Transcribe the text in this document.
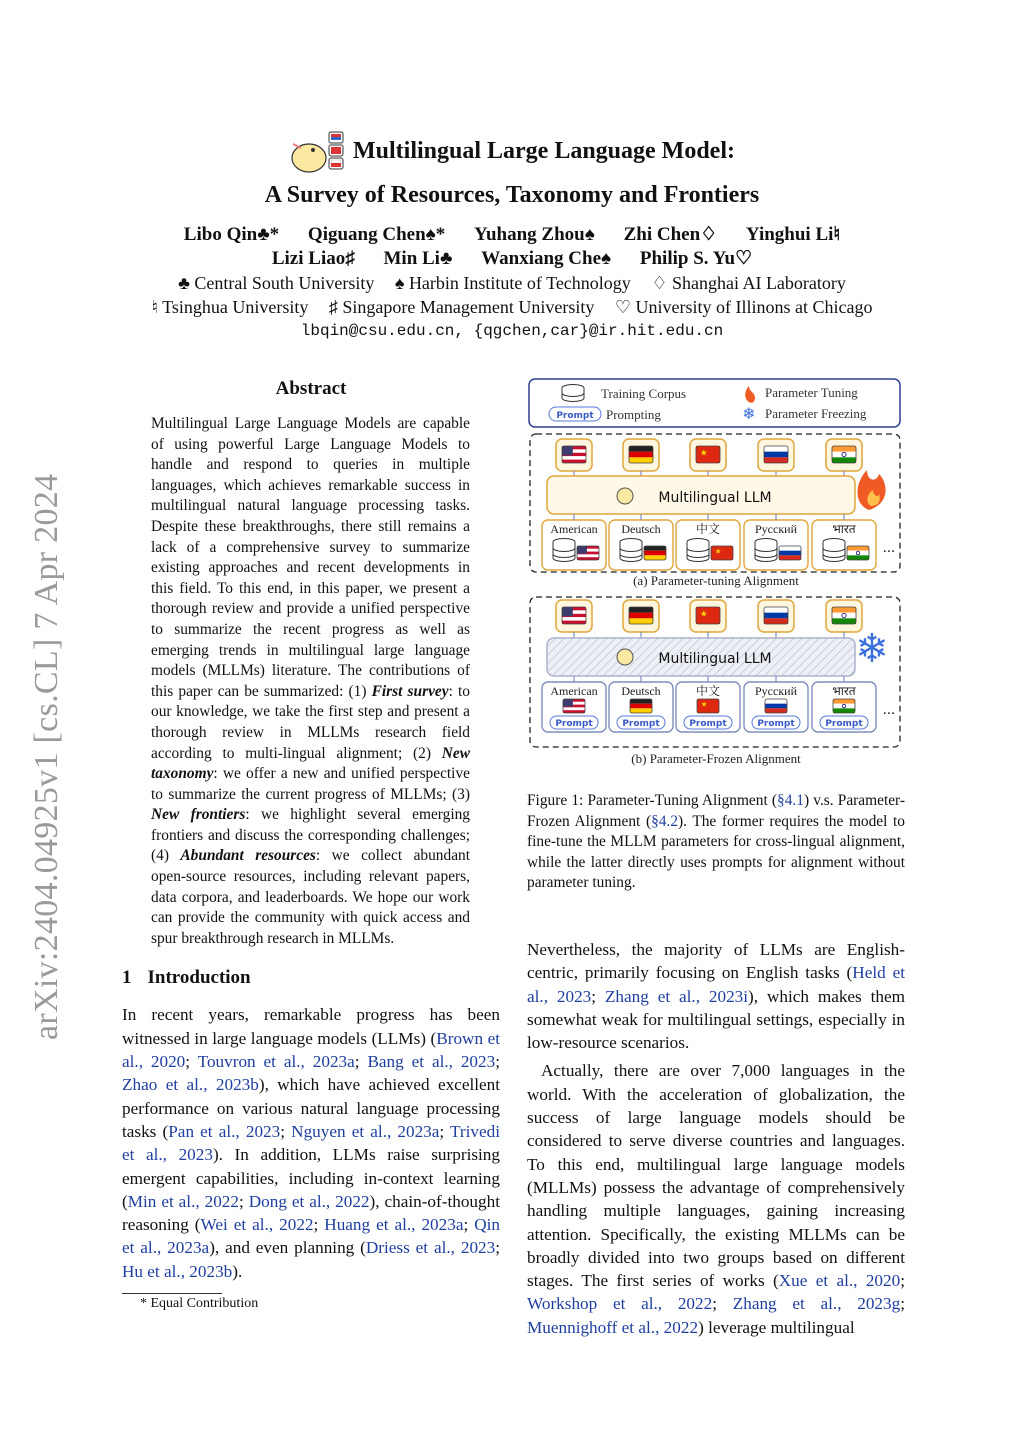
arXiv:2404.04925v1 [cs.CL] 7 Apr 2024
Multilingual Large Language Model:
A Survey of Resources, Taxonomy and Frontiers
Libo Qin♣* Qiguang Chen♠* Yuhang Zhou♠ Zhi Chen♢ Yinghui Li♮
Lizi Liao♯ Min Li♣ Wanxiang Che♠ Philip S. Yu♡
♣ Central South University ♠ Harbin Institute of Technology ♢ Shanghai AI Laboratory
♮ Tsinghua University ♯ Singapore Management University ♡ University of Illinons at Chicago
lbqin@csu.edu.cn, {qgchen,car}@ir.hit.edu.cn
Abstract
Multilingual Large Language Models are capable of using powerful Large Language Models to handle and respond to queries in multiple languages, which achieves remarkable success in multilingual natural language processing tasks. Despite these breakthroughs, there still remains a lack of a comprehensive survey to summarize existing approaches and recent developments in this field. To this end, in this paper, we present a thorough review and provide a unified perspective to summarize the recent progress as well as emerging trends in multilingual large language models (MLLMs) literature. The contributions of this paper can be summarized: (1) First survey: to our knowledge, we take the first step and present a thorough review in MLLMs research field according to multi-lingual alignment; (2) New taxonomy: we offer a new and unified perspective to summarize the current progress of MLLMs; (3) New frontiers: we highlight several emerging frontiers and discuss the corresponding challenges; (4) Abundant resources: we collect abundant open-source resources, including relevant papers, data corpora, and leaderboards. We hope our work can provide the community with quick access and spur breakthrough research in MLLMs.
1 Introduction
In recent years, remarkable progress has been witnessed in large language models (LLMs) (Brown et al., 2020; Touvron et al., 2023a; Bang et al., 2023; Zhao et al., 2023b), which have achieved excellent performance on various natural language processing tasks (Pan et al., 2023; Nguyen et al., 2023a; Trivedi et al., 2023). In addition, LLMs raise surprising emergent capabilities, including in-context learning (Min et al., 2022; Dong et al., 2022), chain-of-thought reasoning (Wei et al., 2022; Huang et al., 2023a; Qin et al., 2023a), and even planning (Driess et al., 2023; Hu et al., 2023b).
* Equal Contribution
Training Corpus
Prompt Prompting
Parameter Tuning
❄ Parameter Freezing
★
Multilingual LLM
American Deutsch	中文
★
Русский	भारत
...
(a) Parameter-tuning Alignment
★
Multilingual LLM ❄
American
Prompt
Deutsch
Prompt
中文
★
Prompt
Русский
Prompt
भारत
Prompt
...
(b) Parameter-Frozen Alignment
Figure 1: Parameter-Tuning Alignment (§4.1) v.s. Parameter-Frozen Alignment (§4.2). The former requires the model to fine-tune the MLLM parameters for cross-lingual alignment, while the latter directly uses prompts for alignment without parameter tuning.

Nevertheless, the majority of LLMs are English-centric, primarily focusing on English tasks (Held et al., 2023; Zhang et al., 2023i), which makes them somewhat weak for multilingual settings, especially in low-resource scenarios.

Actually, there are over 7,000 languages in the world. With the acceleration of globalization, the success of large language models should be considered to serve diverse countries and languages. To this end, multilingual large language models (MLLMs) possess the advantage of comprehensively handling multiple languages, gaining increasing attention. Specifically, the existing MLLMs can be broadly divided into two groups based on different stages. The first series of works (Xue et al., 2020; Workshop et al., 2022; Zhang et al., 2023g; Muennighoff et al., 2022) leverage multilingual
